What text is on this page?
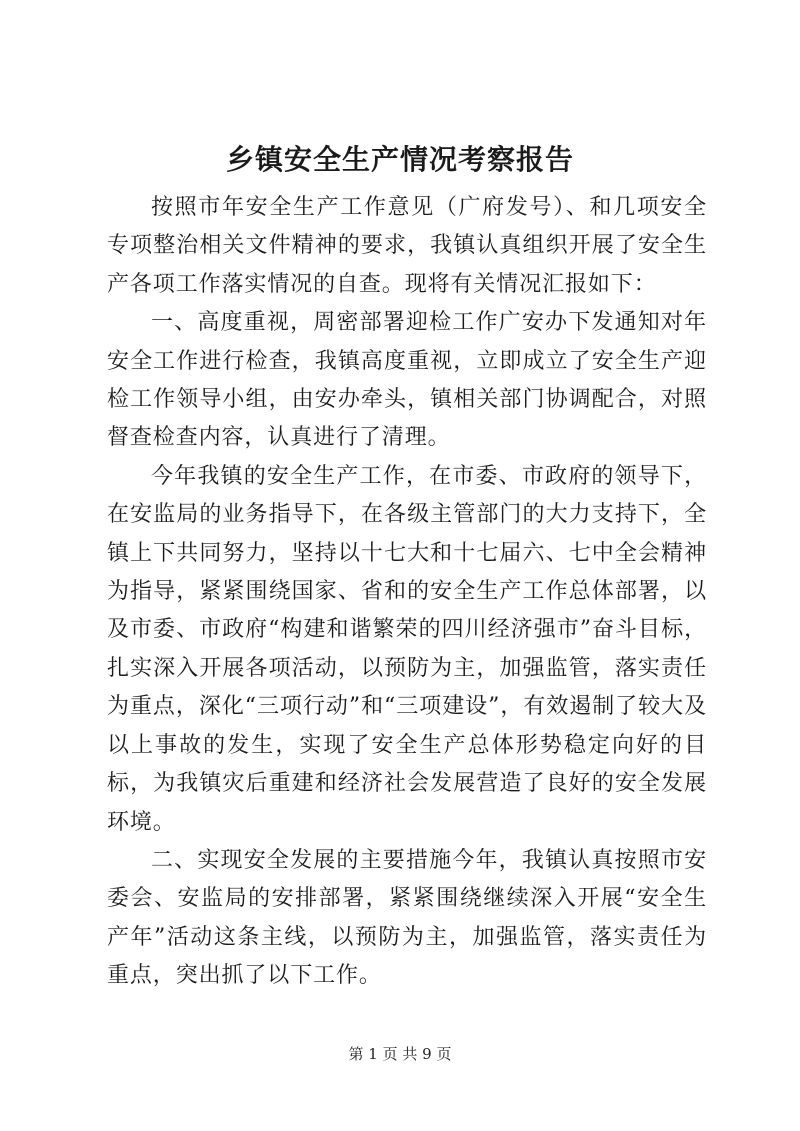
乡镇安全生产情况考察报告

按照市年安全生产工作意见（广府发号）、和几项安全专项整治相关文件精神的要求，我镇认真组织开展了安全生产各项工作落实情况的自查。现将有关情况汇报如下：

一、高度重视，周密部署迎检工作广安办下发通知对年安全工作进行检查，我镇高度重视，立即成立了安全生产迎检工作领导小组，由安办牵头，镇相关部门协调配合，对照督查检查内容，认真进行了清理。

今年我镇的安全生产工作，在市委、市政府的领导下，在安监局的业务指导下，在各级主管部门的大力支持下，全镇上下共同努力，坚持以十七大和十七届六、七中全会精神为指导，紧紧围绕国家、省和的安全生产工作总体部署，以及市委、市政府“构建和谐繁荣的四川经济强市”奋斗目标，扎实深入开展各项活动，以预防为主，加强监管，落实责任为重点，深化“三项行动”和“三项建设”，有效遏制了较大及以上事故的发生，实现了安全生产总体形势稳定向好的目标，为我镇灾后重建和经济社会发展营造了良好的安全发展环境。

二、实现安全发展的主要措施今年，我镇认真按照市安委会、安监局的安排部署，紧紧围绕继续深入开展“安全生产年”活动这条主线，以预防为主，加强监管，落实责任为重点，突出抓了以下工作。

第 1 页 共 9 页
